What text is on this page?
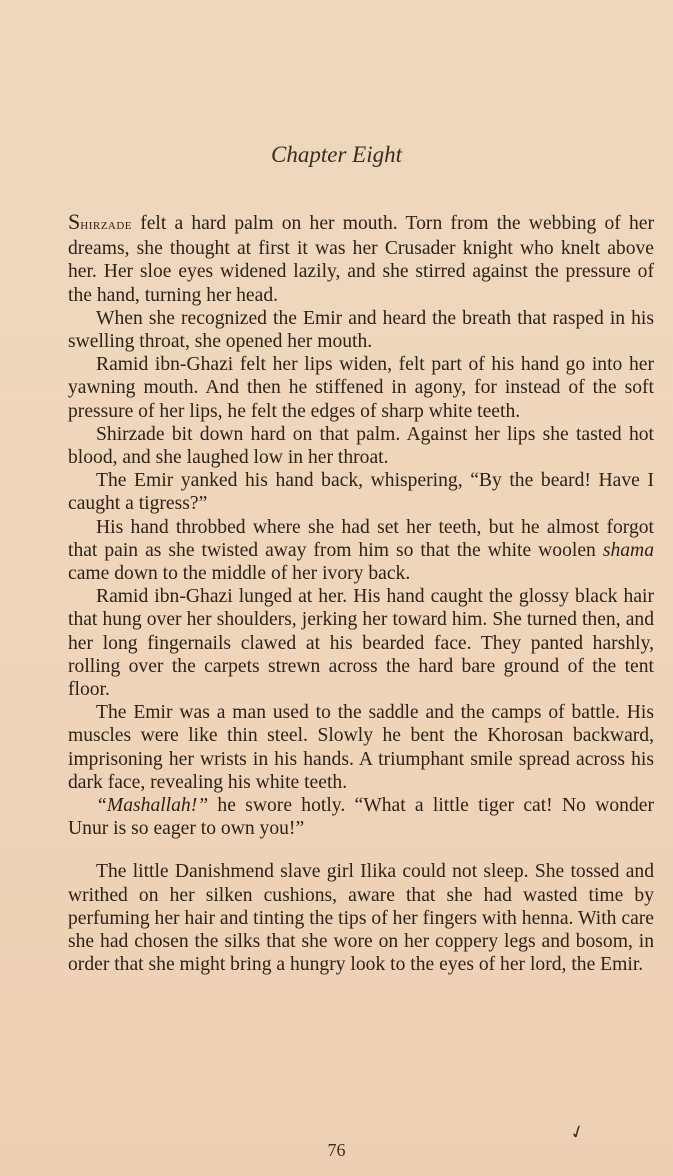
Chapter Eight

Shirzade felt a hard palm on her mouth. Torn from the webbing of her dreams, she thought at first it was her Crusader knight who knelt above her. Her sloe eyes widened lazily, and she stirred against the pressure of the hand, turning her head.

When she recognized the Emir and heard the breath that rasped in his swelling throat, she opened her mouth.

Ramid ibn-Ghazi felt her lips widen, felt part of his hand go into her yawning mouth. And then he stiffened in agony, for instead of the soft pressure of her lips, he felt the edges of sharp white teeth.

Shirzade bit down hard on that palm. Against her lips she tasted hot blood, and she laughed low in her throat.

The Emir yanked his hand back, whispering, “By the beard! Have I caught a tigress?”

His hand throbbed where she had set her teeth, but he almost forgot that pain as she twisted away from him so that the white woolen shama came down to the middle of her ivory back.

Ramid ibn-Ghazi lunged at her. His hand caught the glossy black hair that hung over her shoulders, jerking her toward him. She turned then, and her long fingernails clawed at his bearded face. They panted harshly, rolling over the carpets strewn across the hard bare ground of the tent floor.

The Emir was a man used to the saddle and the camps of battle. His muscles were like thin steel. Slowly he bent the Khorosan backward, imprisoning her wrists in his hands. A triumphant smile spread across his dark face, revealing his white teeth.

“Mashallah!” he swore hotly. “What a little tiger cat! No wonder Unur is so eager to own you!”

The little Danishmend slave girl Ilika could not sleep. She tossed and writhed on her silken cushions, aware that she had wasted time by perfuming her hair and tinting the tips of her fingers with henna. With care she had chosen the silks that she wore on her coppery legs and bosom, in order that she might bring a hungry look to the eyes of her lord, the Emir.

✓
76
